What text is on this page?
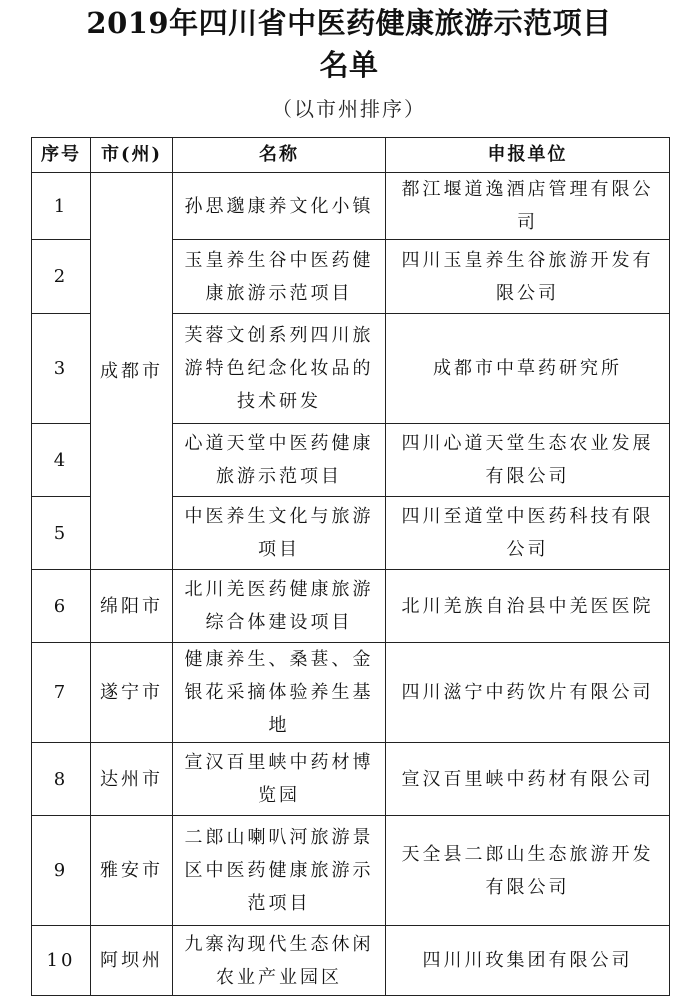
2019年四川省中医药健康旅游示范项目
名单
（以市州排序）
序号	市(州)	名称	申报单位
1	成都市	孙思邈康养文化小镇	都江堰道逸酒店管理有限公司
2		玉皇养生谷中医药健康旅游示范项目	四川玉皇养生谷旅游开发有限公司
3		芙蓉文创系列四川旅游特色纪念化妆品的技术研发	成都市中草药研究所
4		心道天堂中医药健康旅游示范项目	四川心道天堂生态农业发展有限公司
5		中医养生文化与旅游项目	四川至道堂中医药科技有限公司
6	绵阳市	北川羌医药健康旅游综合体建设项目	北川羌族自治县中羌医医院
7	遂宁市	健康养生、桑葚、金银花采摘体验养生基地	四川滋宁中药饮片有限公司
8	达州市	宣汉百里峡中药材博览园	宣汉百里峡中药材有限公司
9	雅安市	二郎山喇叭河旅游景区中医药健康旅游示范项目	天全县二郎山生态旅游开发有限公司
10	阿坝州	九寨沟现代生态休闲农业产业园区	四川川玫集团有限公司
